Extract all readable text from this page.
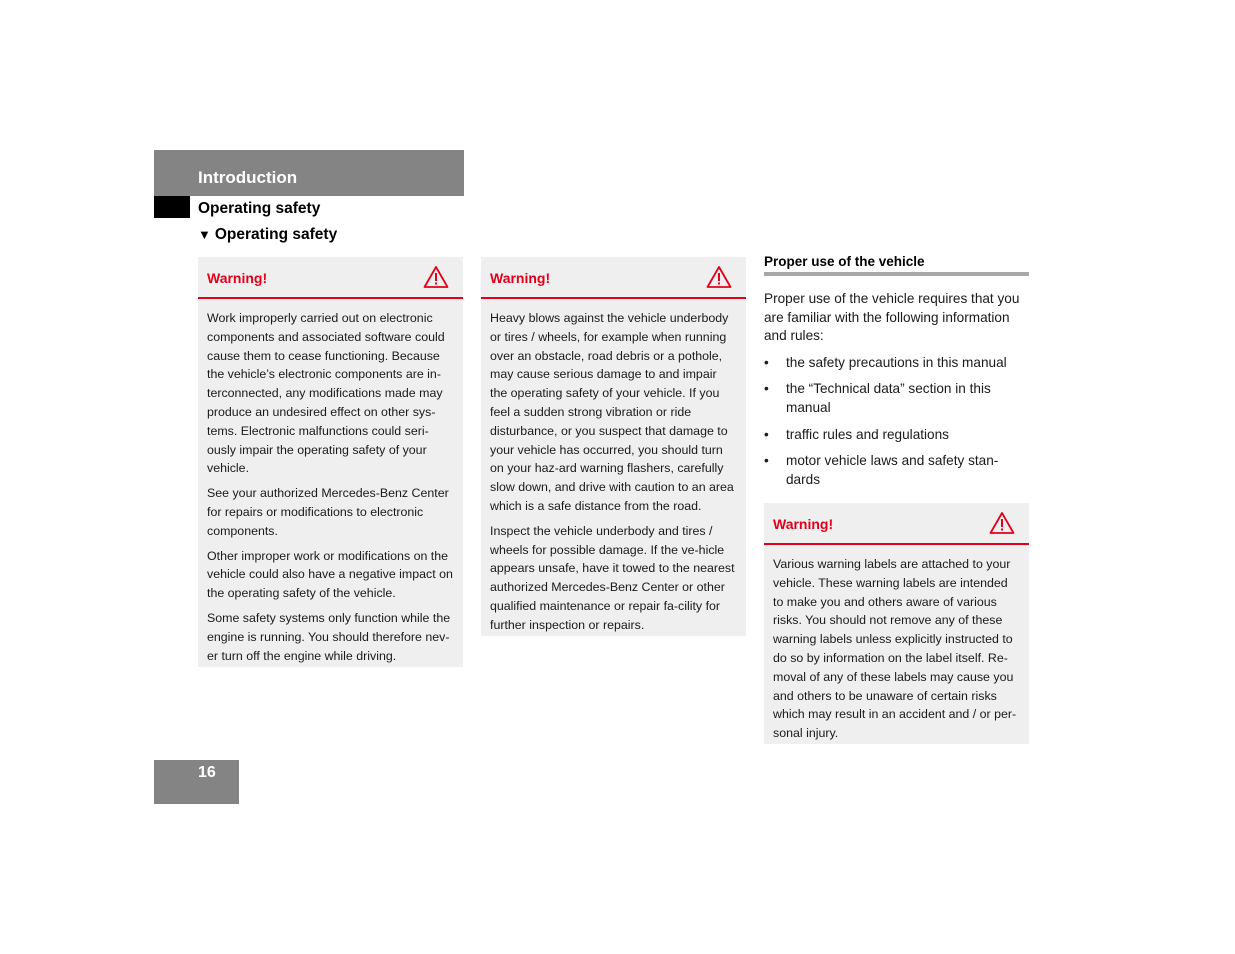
Introduction
Operating safety
▼ Operating safety
Warning!

Work improperly carried out on electronic components and associated software could cause them to cease functioning. Because the vehicle’s electronic components are in-terconnected, any modifications made may produce an undesired effect on other sys-tems. Electronic malfunctions could seri-ously impair the operating safety of your vehicle.

See your authorized Mercedes-Benz Center for repairs or modifications to electronic components.

Other improper work or modifications on the vehicle could also have a negative impact on the operating safety of the vehicle.

Some safety systems only function while the engine is running. You should therefore nev-er turn off the engine while driving.

Warning!

Heavy blows against the vehicle underbody or tires / wheels, for example when running over an obstacle, road debris or a pothole, may cause serious damage to and impair the operating safety of your vehicle. If you feel a sudden strong vibration or ride disturbance, or you suspect that damage to your vehicle has occurred, you should turn on your haz-ard warning flashers, carefully slow down, and drive with caution to an area which is a safe distance from the road.

Inspect the vehicle underbody and tires / wheels for possible damage. If the ve-hicle appears unsafe, have it towed to the nearest authorized Mercedes-Benz Center or other qualified maintenance or repair fa-cility for further inspection or repairs.

Proper use of the vehicle

Proper use of the vehicle requires that you are familiar with the following information and rules:

• the safety precautions in this manual
• the “Technical data” section in this manual
• traffic rules and regulations
• motor vehicle laws and safety stan-dards
Warning!

Various warning labels are attached to your vehicle. These warning labels are intended to make you and others aware of various risks. You should not remove any of these warning labels unless explicitly instructed to do so by information on the label itself. Re-moval of any of these labels may cause you and others to be unaware of certain risks which may result in an accident and / or per-sonal injury.

16
